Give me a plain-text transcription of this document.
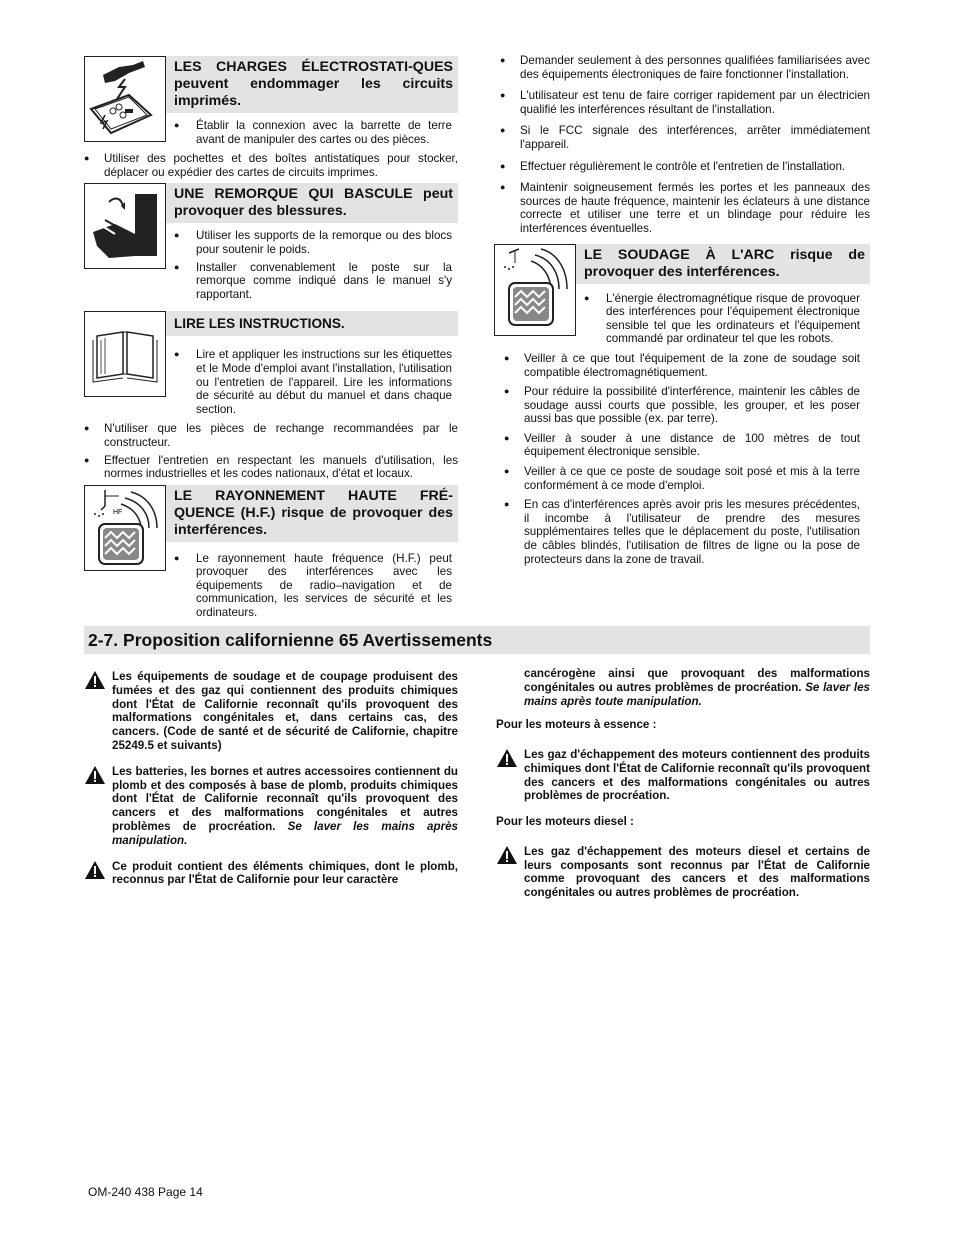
LES CHARGES ÉLECTROSTATI-QUES peuvent endommager les circuits imprimés.
● Établir la connexion avec la barrette de terre avant de manipuler des cartes ou des pièces.
● Utiliser des pochettes et des boîtes antistatiques pour stocker, déplacer ou expédier des cartes de circuits imprimes.
UNE REMORQUE QUI BASCULE peut provoquer des blessures.
● Utiliser les supports de la remorque ou des blocs pour soutenir le poids.
● Installer convenablement le poste sur la remorque comme indiqué dans le manuel s'y rapportant.
LIRE LES INSTRUCTIONS.
● Lire et appliquer les instructions sur les étiquettes et le Mode d'emploi avant l'installation, l'utilisation ou l'entretien de l'appareil. Lire les informations de sécurité au début du manuel et dans chaque section.
● N'utiliser que les pièces de rechange recommandées par le constructeur.
● Effectuer l'entretien en respectant les manuels d'utilisation, les normes industrielles et les codes nationaux, d'état et locaux.
HF
LE RAYONNEMENT HAUTE FRÉ-QUENCE (H.F.) risque de provoquer des interférences.
● Le rayonnement haute fréquence (H.F.) peut provoquer des interférences avec les équipements de radio–navigation et de communication, les services de sécurité et les ordinateurs.
● Demander seulement à des personnes qualifiées familiarisées avec des équipements électroniques de faire fonctionner l'installation.
● L'utilisateur est tenu de faire corriger rapidement par un électricien qualifié les interférences résultant de l'installation.
● Si le FCC signale des interférences, arrêter immédiatement l'appareil.
● Effectuer régulièrement le contrôle et l'entretien de l'installation.
● Maintenir soigneusement fermés les portes et les panneaux des sources de haute fréquence, maintenir les éclateurs à une distance correcte et utiliser une terre et un blindage pour réduire les interférences éventuelles.
LE SOUDAGE À L'ARC risque de provoquer des interférences.
● L'énergie électromagnétique risque de provoquer des interférences pour l'équipement électronique sensible tel que les ordinateurs et l'équipement commandé par ordinateur tel que les robots.
● Veiller à ce que tout l'équipement de la zone de soudage soit compatible électromagnétiquement.
● Pour réduire la possibilité d'interférence, maintenir les câbles de soudage aussi courts que possible, les grouper, et les poser aussi bas que possible (ex. par terre).
● Veiller à souder à une distance de 100 mètres de tout équipement électronique sensible.
● Veiller à ce que ce poste de soudage soit posé et mis à la terre conformément à ce mode d'emploi.
● En cas d'interférences après avoir pris les mesures précédentes, il incombe à l'utilisateur de prendre des mesures supplémentaires telles que le déplacement du poste, l'utilisation de câbles blindés, l'utilisation de filtres de ligne ou la pose de protecteurs dans la zone de travail.
2-7. Proposition californienne 65 Avertissements

Les équipements de soudage et de coupage produisent des fumées et des gaz qui contiennent des produits chimiques dont l'État de Californie reconnaît qu'ils provoquent des malformations congénitales et, dans certains cas, des cancers. (Code de santé et de sécurité de Californie, chapitre 25249.5 et suivants)

Les batteries, les bornes et autres accessoires contiennent du plomb et des composés à base de plomb, produits chimiques dont l'État de Californie reconnaît qu'ils provoquent des cancers et des malformations congénitales et autres problèmes de procréation. Se laver les mains après manipulation.

Ce produit contient des éléments chimiques, dont le plomb, reconnus par l'État de Californie pour leur caractère

cancérogène ainsi que provoquant des malformations congénitales ou autres problèmes de procréation. Se laver les mains après toute manipulation.

Pour les moteurs à essence :

Les gaz d'échappement des moteurs contiennent des produits chimiques dont l'État de Californie reconnaît qu'ils provoquent des cancers et des malformations congénitales ou autres problèmes de procréation.

Pour les moteurs diesel :

Les gaz d'échappement des moteurs diesel et certains de leurs composants sont reconnus par l'État de Californie comme provoquant des cancers et des malformations congénitales ou autres problèmes de procréation.

OM-240 438 Page 14
